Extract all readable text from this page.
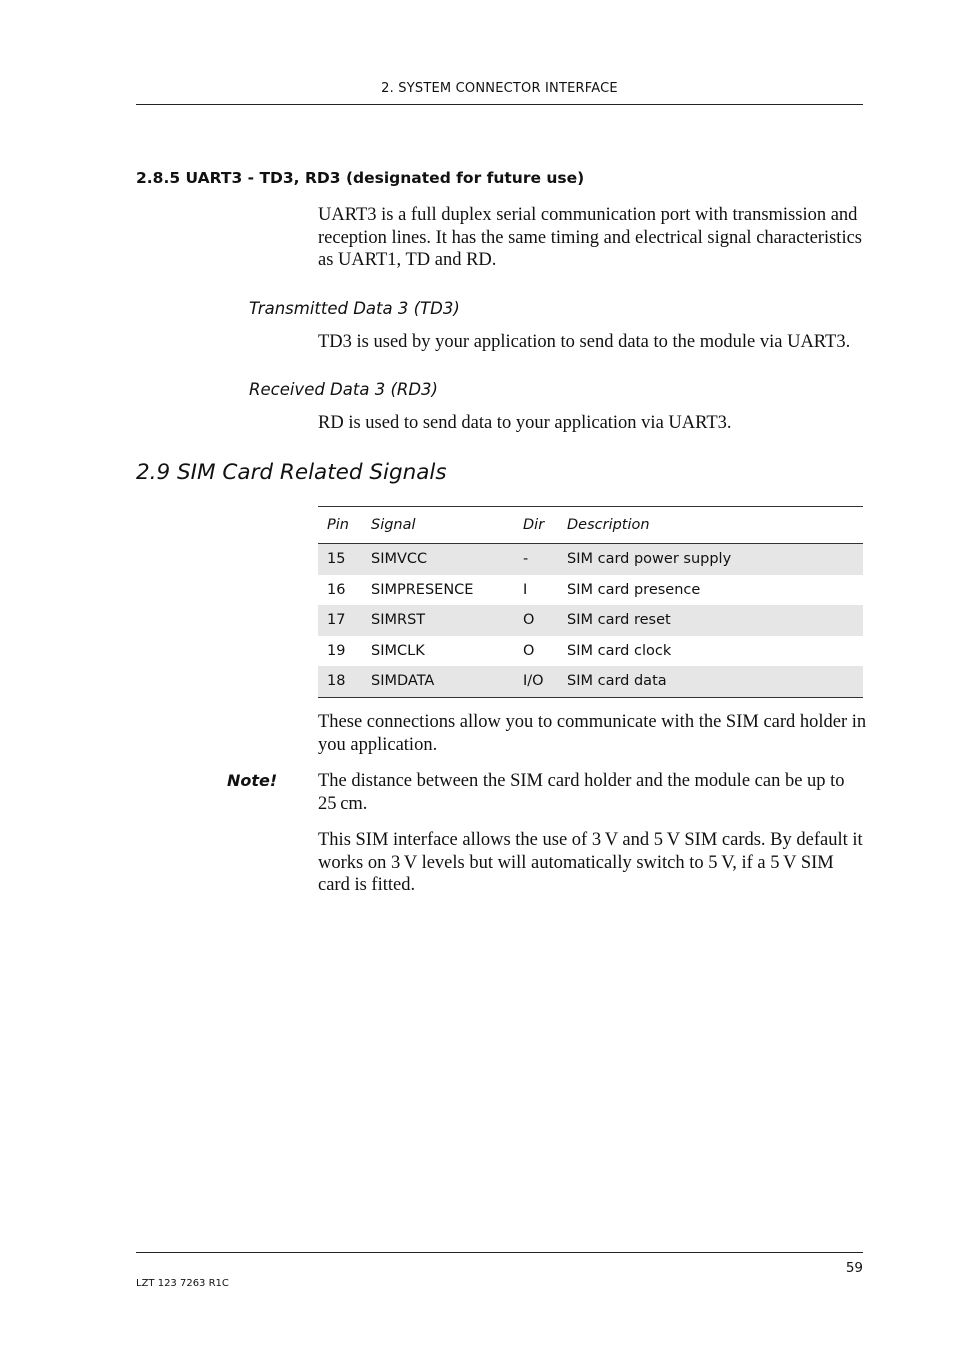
2. SYSTEM CONNECTOR INTERFACE
2.8.5 UART3 - TD3, RD3 (designated for future use)
UART3 is a full duplex serial communication port with transmission and reception lines. It has the same timing and electrical signal characteristics as UART1, TD and RD.
Transmitted Data 3 (TD3)
TD3 is used by your application to send data to the module via UART3.
Received Data 3 (RD3)
RD is used to send data to your application via UART3.
2.9 SIM Card Related Signals
Pin	Signal	Dir	Description
15	SIMVCC	-	SIM card power supply
16	SIMPRESENCE	I	SIM card presence
17	SIMRST	O	SIM card reset
19	SIMCLK	O	SIM card clock
18	SIMDATA	I/O	SIM card data
These connections allow you to communicate with the SIM card holder in you application.
Note! The distance between the SIM card holder and the module can be up to 25 cm.
This SIM interface allows the use of 3 V and 5 V SIM cards. By default it works on 3 V levels but will automatically switch to 5 V, if a 5 V SIM card is fitted.
59
LZT 123 7263 R1C
